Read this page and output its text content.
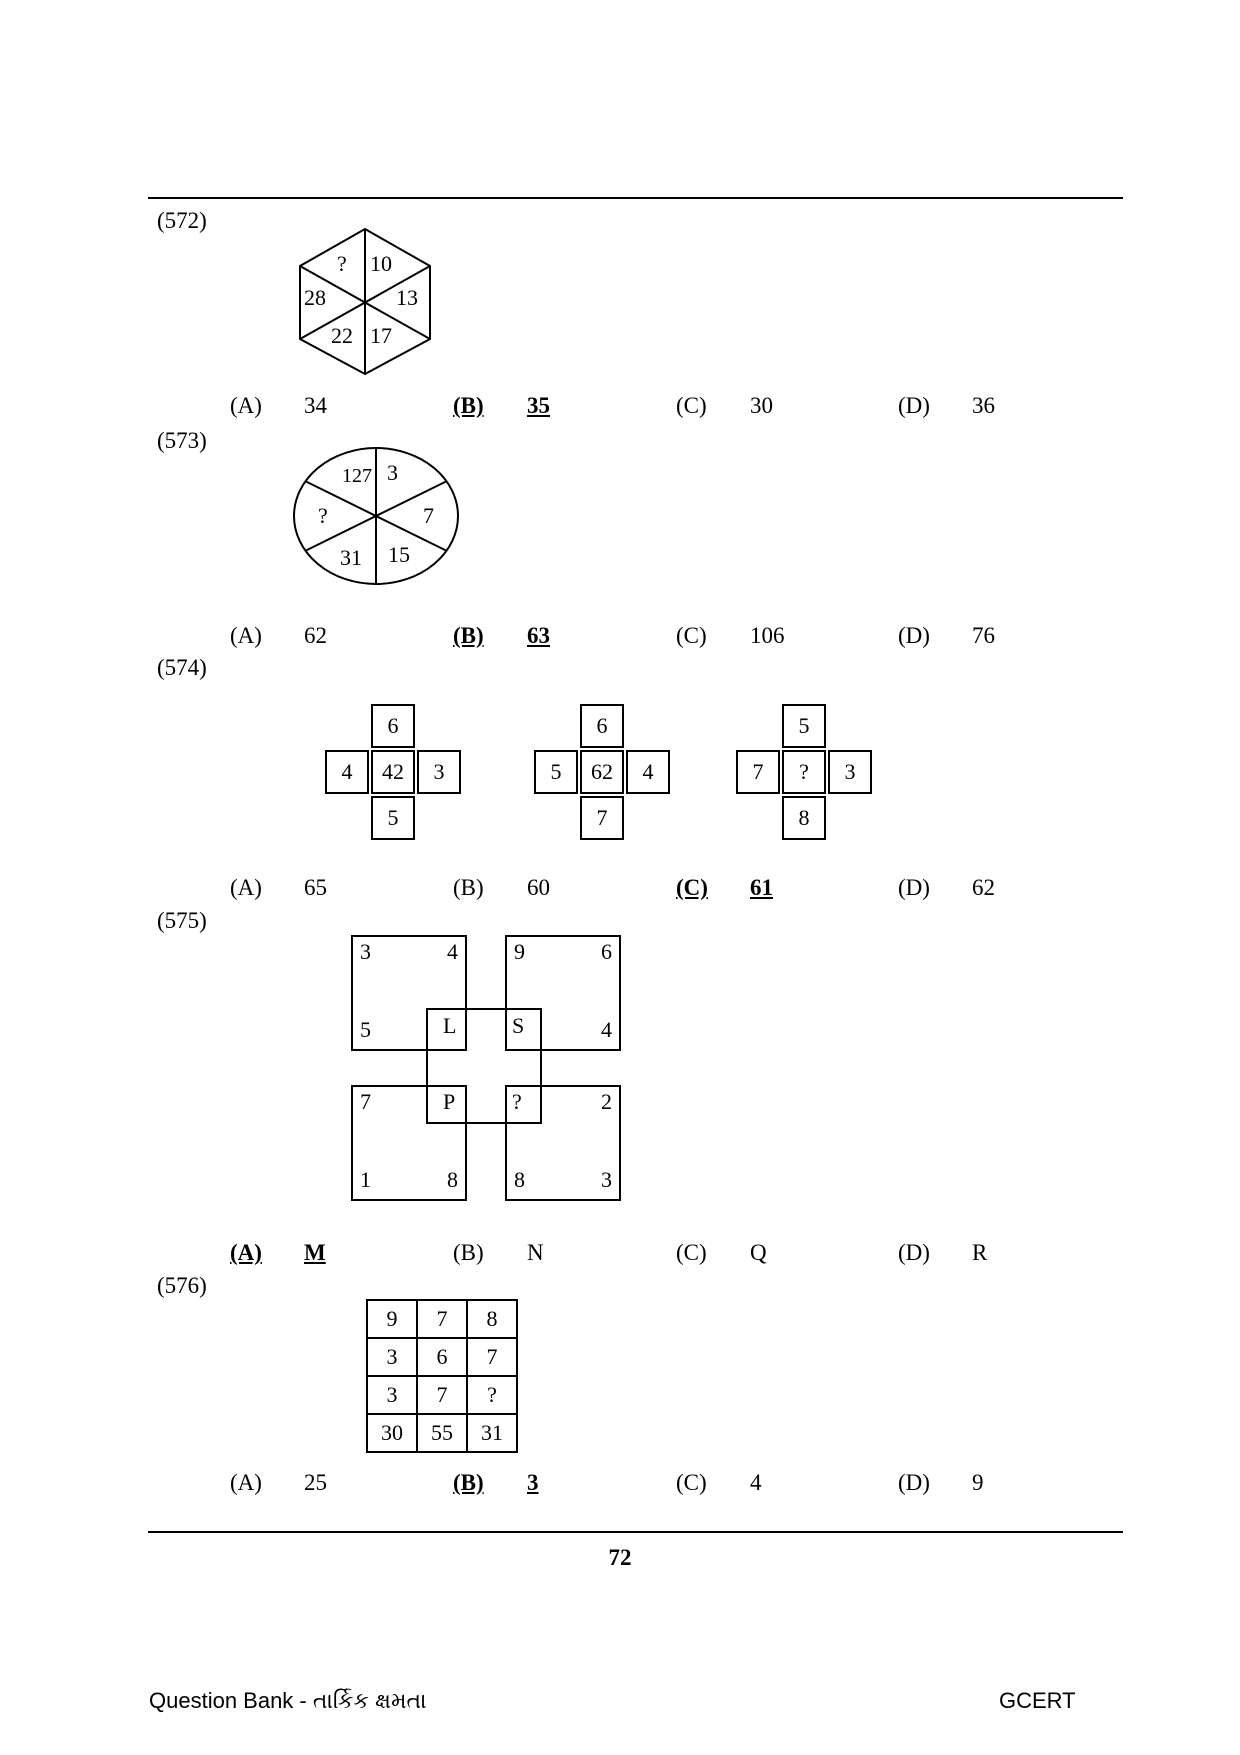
(572)
? 10
13
17
22
28
(A) 34	(B) 35	(C) 30	(D) 36
(573)
127 3
7
15
31
?
(A) 62	(B) 63	(C) 106	(D) 76
(574)
6
4	42	3
5
6
5	62	4
7
5
7	?	3
8
(A) 65	(B) 60	(C) 61	(D) 62
(575)
3	4
5
9	6
4
7
1	8
2
8	3
L	S
P	?
(A) M	(B) N	(C) Q	(D) R
(576)
9	7	8
3	6	7
3	7	?
30	55	31
(A) 25	(B) 3	(C) 4	(D) 9
72
Question Bank - તાર્કિક ક્ષમતા	GCERT
